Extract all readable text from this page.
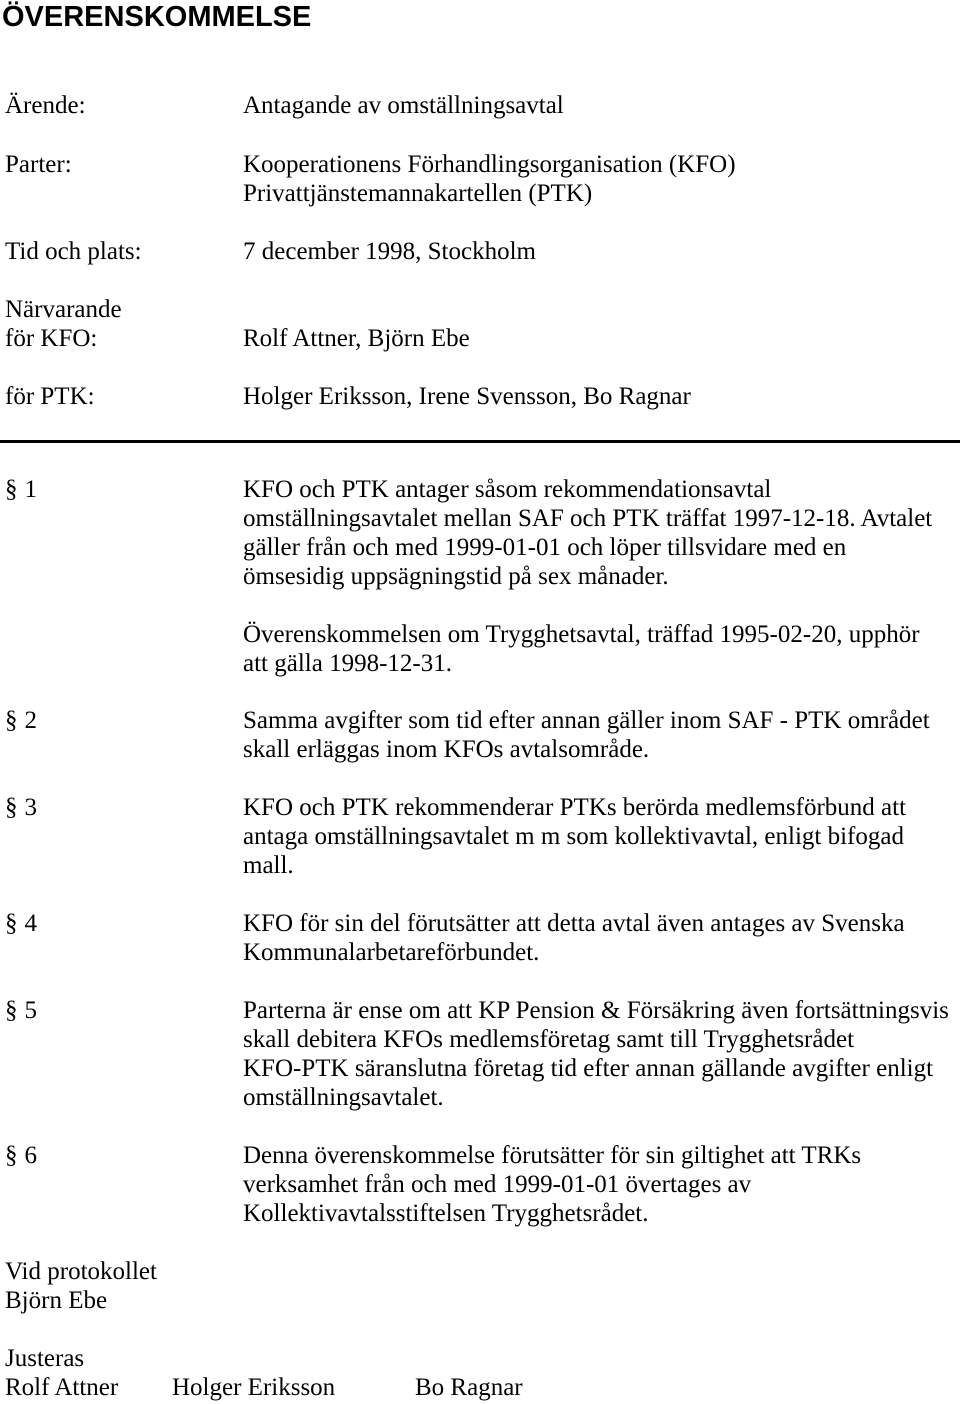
ÖVERENSKOMMELSE
Ärende:	Antagande av omställningsavtal
Parter:	Kooperationens Förhandlingsorganisation (KFO)
Privattjänstemannakartellen (PTK)
Tid och plats:	7 december 1998, Stockholm
Närvarande
för KFO:	Rolf Attner, Björn Ebe
för PTK:	Holger Eriksson, Irene Svensson, Bo Ragnar
§ 1	KFO och PTK antager såsom rekommendationsavtal
omställningsavtalet mellan SAF och PTK träffat 1997-12-18. Avtalet
gäller från och med 1999-01-01 och löper tillsvidare med en
ömsesidig uppsägningstid på sex månader.
Överenskommelsen om Trygghetsavtal, träffad 1995-02-20, upphör
att gälla 1998-12-31.
§ 2	Samma avgifter som tid efter annan gäller inom SAF - PTK området
skall erläggas inom KFOs avtalsområde.
§ 3	KFO och PTK rekommenderar PTKs berörda medlemsförbund att
antaga omställningsavtalet m m som kollektivavtal, enligt bifogad
mall.
§ 4	KFO för sin del förutsätter att detta avtal även antages av Svenska
Kommunalarbetareförbundet.
§ 5	Parterna är ense om att KP Pension & Försäkring även fortsättningsvis
skall debitera KFOs medlemsföretag samt till Trygghetsrådet
KFO-PTK säranslutna företag tid efter annan gällande avgifter enligt
omställningsavtalet.
§ 6	Denna överenskommelse förutsätter för sin giltighet att TRKs
verksamhet från och med 1999-01-01 övertages av
Kollektivavtalsstiftelsen Trygghetsrådet.
Vid protokollet
Björn Ebe
Justeras
Rolf Attner Holger Eriksson	Bo Ragnar
